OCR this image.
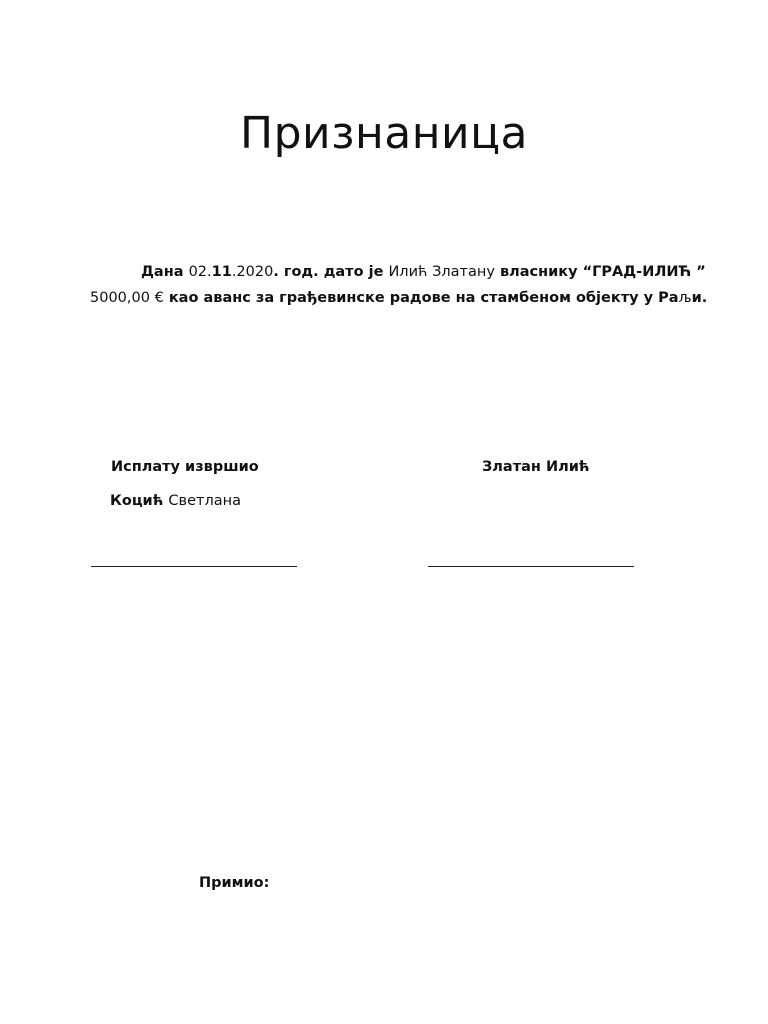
Признаница
Дана 02.11.2020. год. дато је Илић Златану власнику “ГРАД-ИЛИЋ ”
5000,00 € као аванс за грађевинске радове на стамбеном објекту у Раљи.
Исплату извршио
Коцић Светлана
Златан Илић
Примио:
